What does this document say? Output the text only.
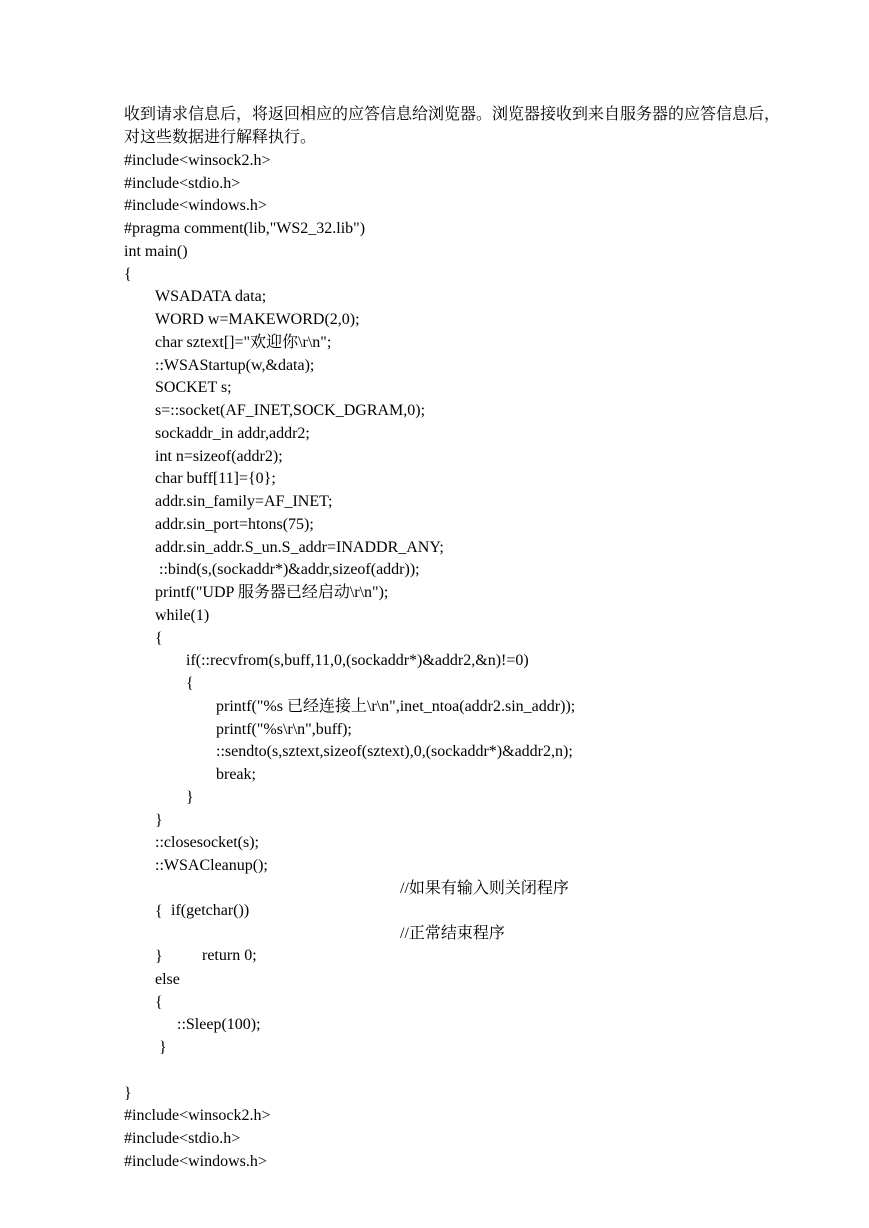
收到请求信息后，将返回相应的应答信息给浏览器。浏览器接收到来自服务器的应答信息后，
对这些数据进行解释执行。
#include<winsock2.h>
#include<stdio.h>
#include<windows.h>
#pragma comment(lib,"WS2_32.lib")
int main()
{
WSADATA data;
WORD w=MAKEWORD(2,0);
char sztext[]="欢迎你\r\n";
::WSAStartup(w,&data);
SOCKET s;
s=::socket(AF_INET,SOCK_DGRAM,0);
sockaddr_in addr,addr2;
int n=sizeof(addr2);
char buff[11]={0};
addr.sin_family=AF_INET;
addr.sin_port=htons(75);
addr.sin_addr.S_un.S_addr=INADDR_ANY;
::bind(s,(sockaddr*)&addr,sizeof(addr));
printf("UDP 服务器已经启动\r\n");
while(1)
{
if(::recvfrom(s,buff,11,0,(sockaddr*)&addr2,&n)!=0)
{
printf("%s 已经连接上\r\n",inet_ntoa(addr2.sin_addr));
printf("%s\r\n",buff);
::sendto(s,sztext,sizeof(sztext),0,(sockaddr*)&addr2,n);
break;
}
}
::closesocket(s);
::WSACleanup();

if(getchar())

//如果有输入则关闭程序

{

return 0;

//正常结束程序

}
else
{
::Sleep(100);
}
}
#include<winsock2.h>
#include<stdio.h>
#include<windows.h>
